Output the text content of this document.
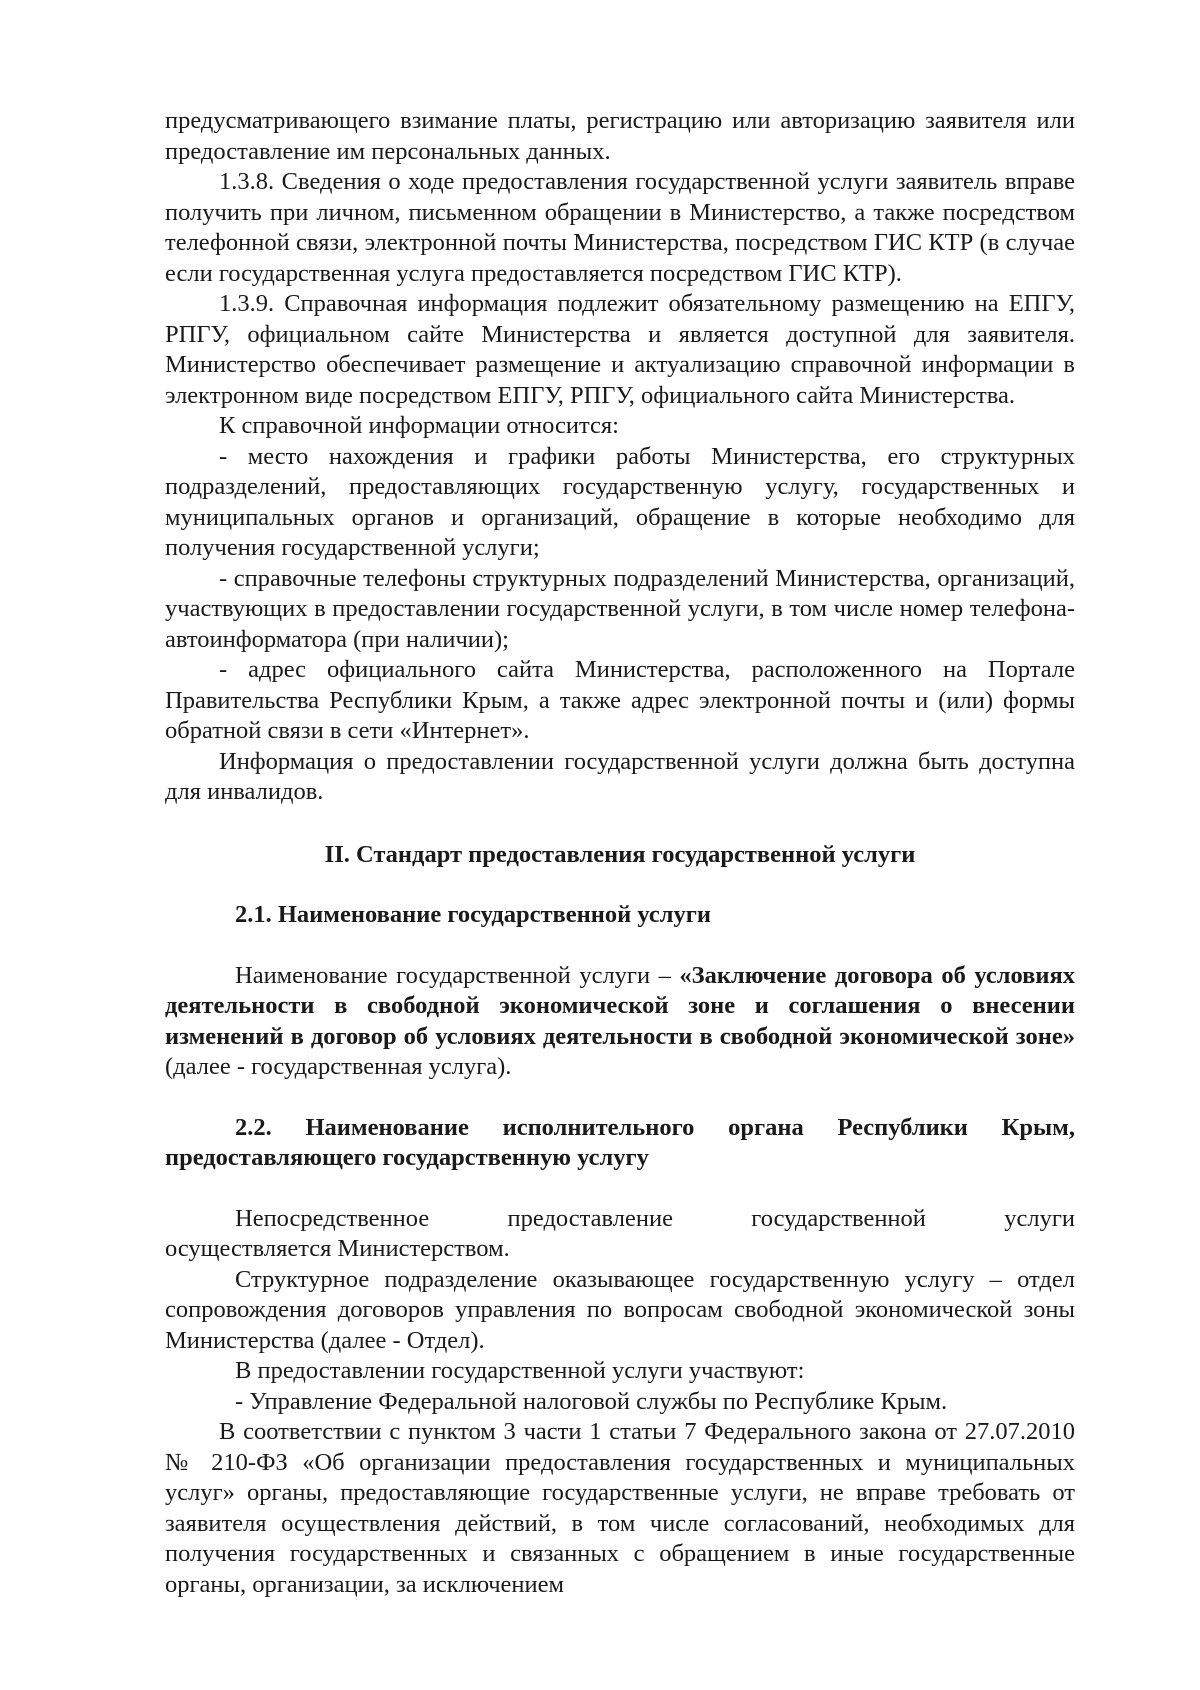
предусматривающего взимание платы, регистрацию или авторизацию заявителя или предоставление им персональных данных.

1.3.8. Сведения о ходе предоставления государственной услуги заявитель вправе получить при личном, письменном обращении в Министерство, а также посредством телефонной связи, электронной почты Министерства, посредством ГИС КТР (в случае если государственная услуга предоставляется посредством ГИС КТР).

1.3.9. Справочная информация подлежит обязательному размещению на ЕПГУ, РПГУ, официальном сайте Министерства и является доступной для заявителя. Министерство обеспечивает размещение и актуализацию справочной информации в электронном виде посредством ЕПГУ, РПГУ, официального сайта Министерства.

К справочной информации относится:

- место нахождения и графики работы Министерства, его структурных подразделений, предоставляющих государственную услугу, государственных и муниципальных органов и организаций, обращение в которые необходимо для получения государственной услуги;

- справочные телефоны структурных подразделений Министерства, организаций, участвующих в предоставлении государственной услуги, в том числе номер телефона-автоинформатора (при наличии);

- адрес официального сайта Министерства, расположенного на Портале Правительства Республики Крым, а также адрес электронной почты и (или) формы обратной связи в сети «Интернет».

Информация о предоставлении государственной услуги должна быть доступна для инвалидов.

II. Стандарт предоставления государственной услуги

2.1. Наименование государственной услуги

Наименование государственной услуги – «Заключение договора об условиях деятельности в свободной экономической зоне и соглашения о внесении изменений в договор об условиях деятельности в свободной экономической зоне» (далее - государственная услуга).

2.2. Наименование исполнительного органа Республики Крым, предоставляющего государственную услугу

Непосредственное предоставление государственной услуги

осуществляется Министерством.

Структурное подразделение оказывающее государственную услугу – отдел сопровождения договоров управления по вопросам свободной экономической зоны Министерства (далее - Отдел).

В предоставлении государственной услуги участвуют:

- Управление Федеральной налоговой службы по Республике Крым.

В соответствии с пунктом 3 части 1 статьи 7 Федерального закона от 27.07.2010 № 210-ФЗ «Об организации предоставления государственных и муниципальных услуг» органы, предоставляющие государственные услуги, не вправе требовать от заявителя осуществления действий, в том числе согласований, необходимых для получения государственных и связанных с обращением в иные государственные органы, организации, за исключением
